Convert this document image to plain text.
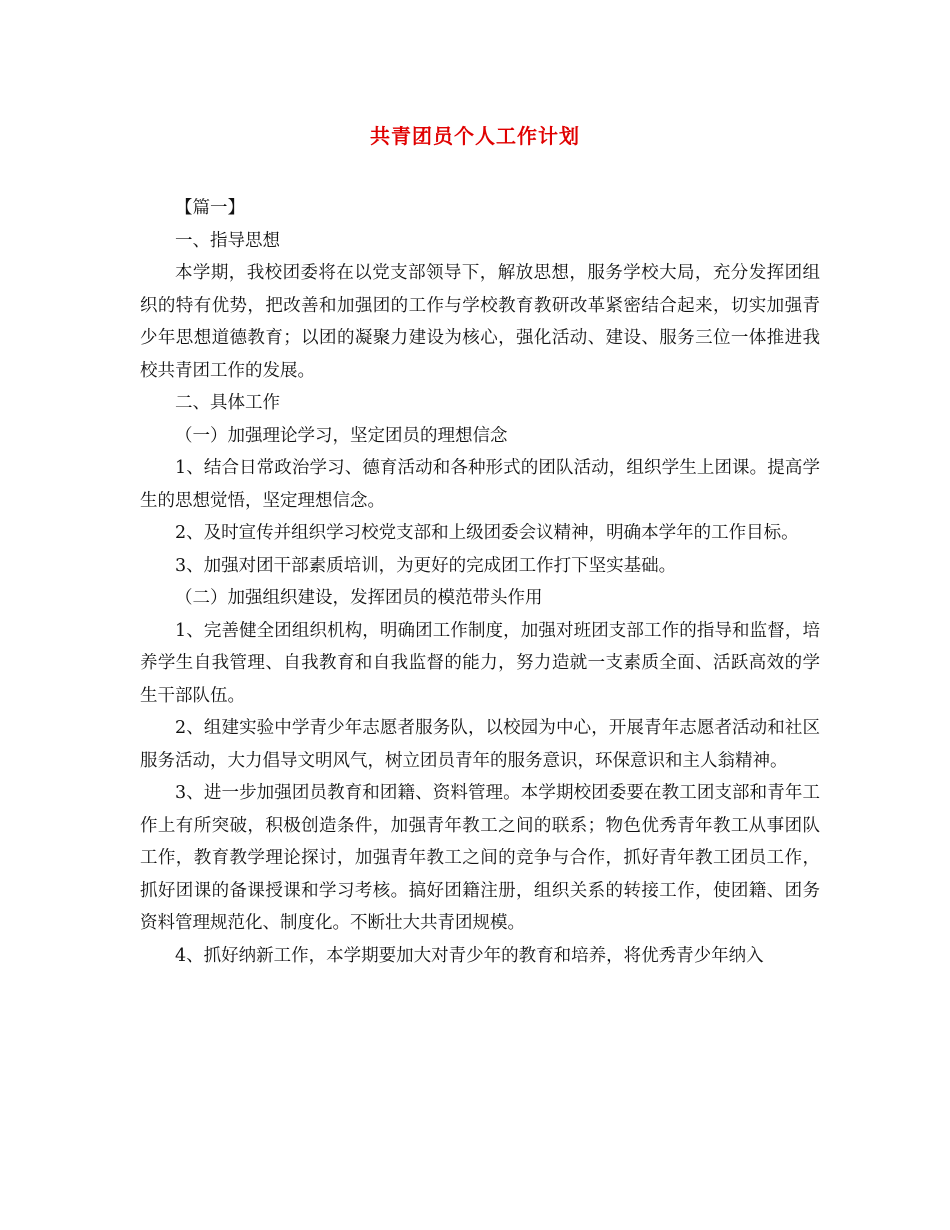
共青团员个人工作计划

【篇一】

一、指导思想

本学期，我校团委将在以党支部领导下，解放思想，服务学校大局，充分发挥团组织的特有优势，把改善和加强团的工作与学校教育教研改革紧密结合起来，切实加强青少年思想道德教育；以团的凝聚力建设为核心，强化活动、建设、服务三位一体推进我校共青团工作的发展。

二、具体工作

（一）加强理论学习，坚定团员的理想信念

1、结合日常政治学习、德育活动和各种形式的团队活动，组织学生上团课。提高学生的思想觉悟，坚定理想信念。

2、及时宣传并组织学习校党支部和上级团委会议精神，明确本学年的工作目标。

3、加强对团干部素质培训，为更好的完成团工作打下坚实基础。

（二）加强组织建设，发挥团员的模范带头作用

1、完善健全团组织机构，明确团工作制度，加强对班团支部工作的指导和监督，培养学生自我管理、自我教育和自我监督的能力，努力造就一支素质全面、活跃高效的学生干部队伍。

2、组建实验中学青少年志愿者服务队，以校园为中心，开展青年志愿者活动和社区服务活动，大力倡导文明风气，树立团员青年的服务意识，环保意识和主人翁精神。

3、进一步加强团员教育和团籍、资料管理。本学期校团委要在教工团支部和青年工作上有所突破，积极创造条件，加强青年教工之间的联系；物色优秀青年教工从事团队工作，教育教学理论探讨，加强青年教工之间的竞争与合作，抓好青年教工团员工作，抓好团课的备课授课和学习考核。搞好团籍注册，组织关系的转接工作，使团籍、团务资料管理规范化、制度化。不断壮大共青团规模。

4、抓好纳新工作，本学期要加大对青少年的教育和培养，将优秀青少年纳入
